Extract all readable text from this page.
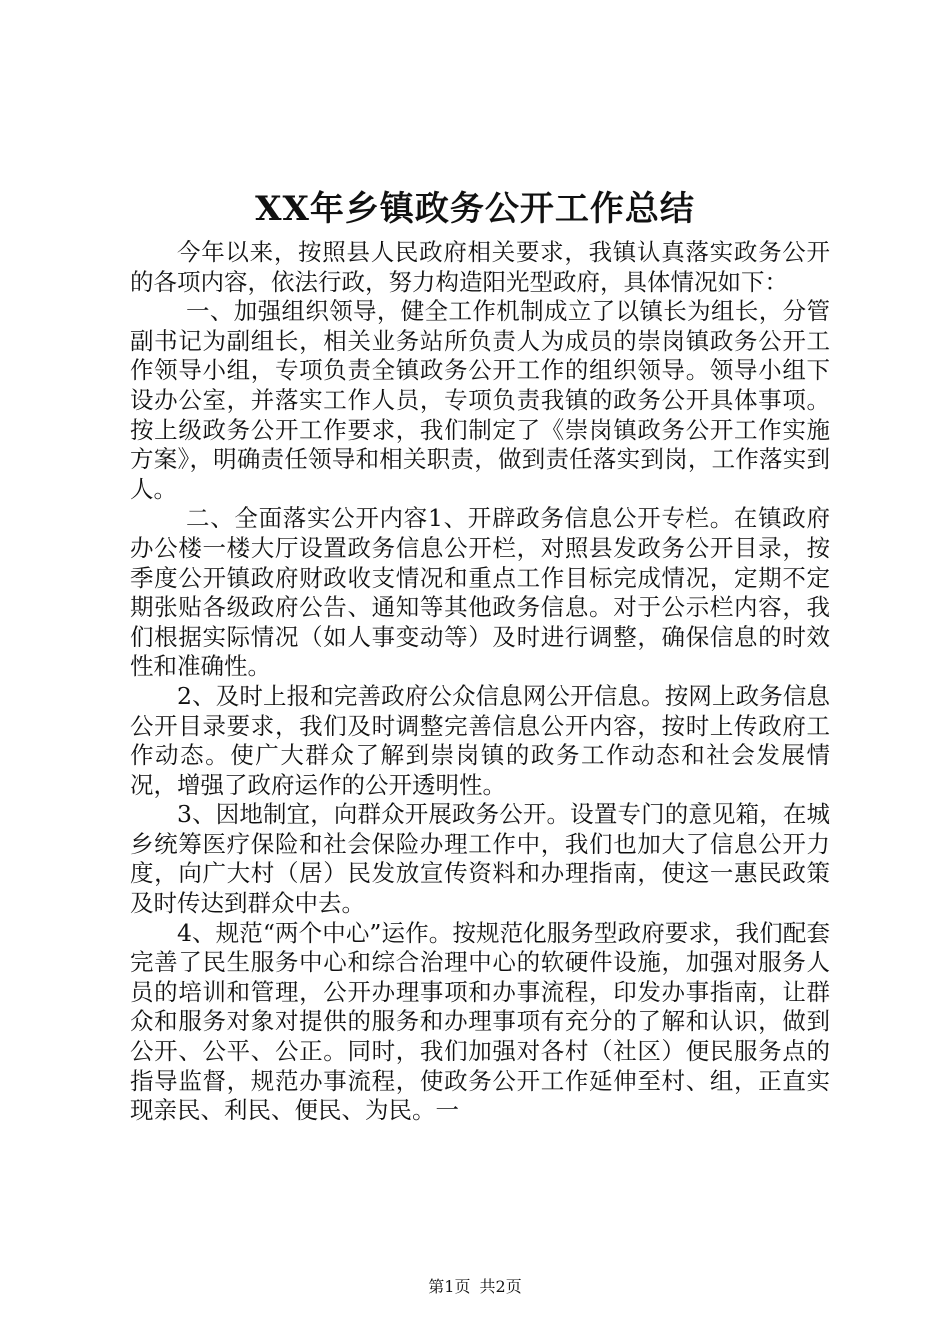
XX年乡镇政务公开工作总结

今年以来，按照县人民政府相关要求，我镇认真落实政务公开的各项内容，依法行政，努力构造阳光型政府，具体情况如下：

一、加强组织领导，健全工作机制成立了以镇长为组长，分管副书记为副组长，相关业务站所负责人为成员的崇岗镇政务公开工作领导小组，专项负责全镇政务公开工作的组织领导。领导小组下设办公室，并落实工作人员，专项负责我镇的政务公开具体事项。按上级政务公开工作要求，我们制定了《崇岗镇政务公开工作实施方案》，明确责任领导和相关职责，做到责任落实到岗，工作落实到人。

二、全面落实公开内容1、开辟政务信息公开专栏。在镇政府办公楼一楼大厅设置政务信息公开栏，对照县发政务公开目录，按季度公开镇政府财政收支情况和重点工作目标完成情况，定期不定期张贴各级政府公告、通知等其他政务信息。对于公示栏内容，我们根据实际情况（如人事变动等）及时进行调整，确保信息的时效性和准确性。

2、及时上报和完善政府公众信息网公开信息。按网上政务信息公开目录要求，我们及时调整完善信息公开内容，按时上传政府工作动态。使广大群众了解到崇岗镇的政务工作动态和社会发展情况，增强了政府运作的公开透明性。

3、因地制宜，向群众开展政务公开。设置专门的意见箱，在城乡统筹医疗保险和社会保险办理工作中，我们也加大了信息公开力度，向广大村（居）民发放宣传资料和办理指南，使这一惠民政策及时传达到群众中去。

4、规范“两个中心”运作。按规范化服务型政府要求，我们配套完善了民生服务中心和综合治理中心的软硬件设施，加强对服务人员的培训和管理，公开办理事项和办事流程，印发办事指南，让群众和服务对象对提供的服务和办理事项有充分的了解和认识，做到公开、公平、公正。同时，我们加强对各村（社区）便民服务点的指导监督，规范办事流程，使政务公开工作延伸至村、组，正直实现亲民、利民、便民、为民。一

第1页 共2页
